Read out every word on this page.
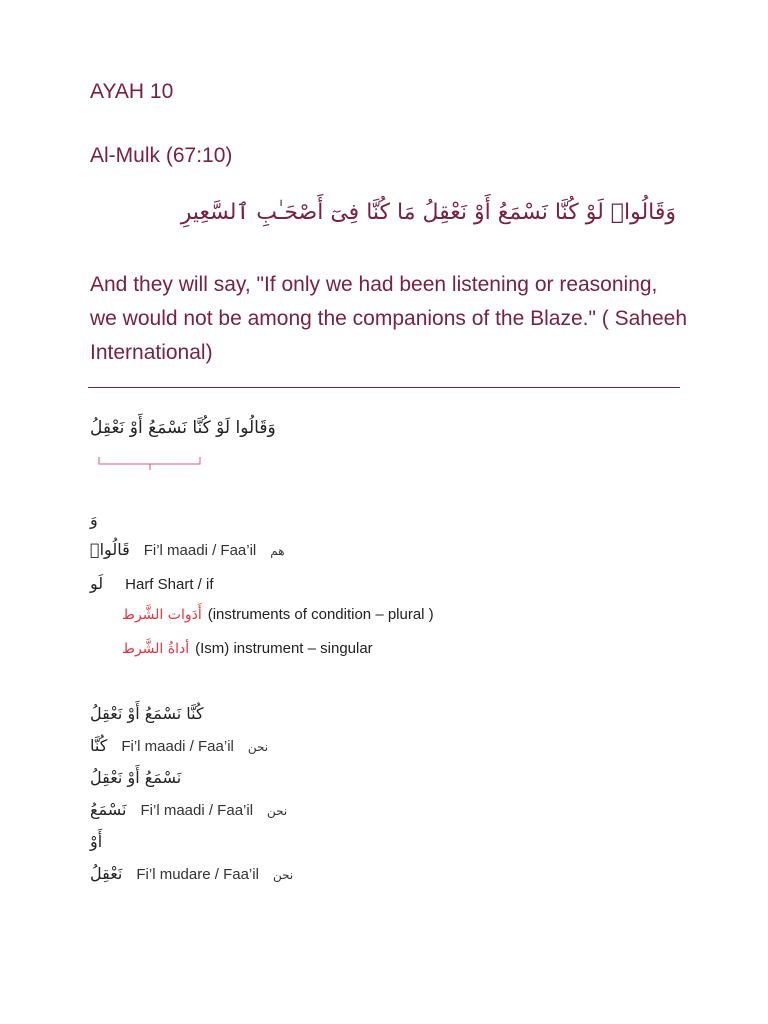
AYAH 10
Al-Mulk (67:10)
وَقَالُوا۟ لَوْ كُنَّا نَسْمَعُ أَوْ نَعْقِلُ مَا كُنَّا فِىٓ أَصْحَـٰبِ ٱلسَّعِيرِ
And they will say, "If only we had been listening or reasoning, we would not be among the companions of the Blaze." ( Saheeh International)
وَقَالُوا لَوْ كُنَّا نَسْمَعُ أَوْ نَعْقِلُ
وَ
قَالُوا۟ Fi’l maadi / Faa’il هم
لَو Harf Shart / if
أَدَوات الشَّرط (instruments of condition – plural )
أداةُ الشَّرط (Ism) instrument – singular
كُنَّا نَسْمَعُ أَوْ نَعْقِلُ
كُنَّا Fi’l maadi / Faa’il نحن
نَسْمَعُ أَوْ نَعْقِلُ
نَسْمَعُ Fi’l maadi / Faa’il نحن
أَوْ
نَعْقِلُ Fi’l mudare / Faa’il نحن
